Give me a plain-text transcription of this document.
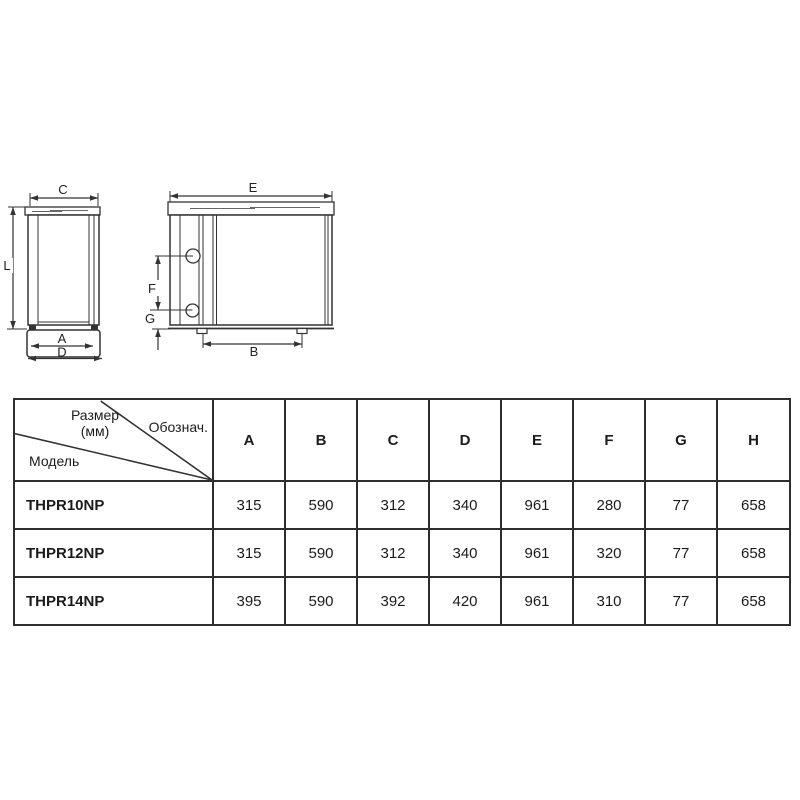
C
L
A
D
E
F
G
B
Размер
(мм) Обознач.
Модель	A	B	C	D	E	F	G	H
THPR10NP	315	590	312	340	961	280	77	658
THPR12NP	315	590	312	340	961	320	77	658
THPR14NP	395	590	392	420	961	310	77	658
